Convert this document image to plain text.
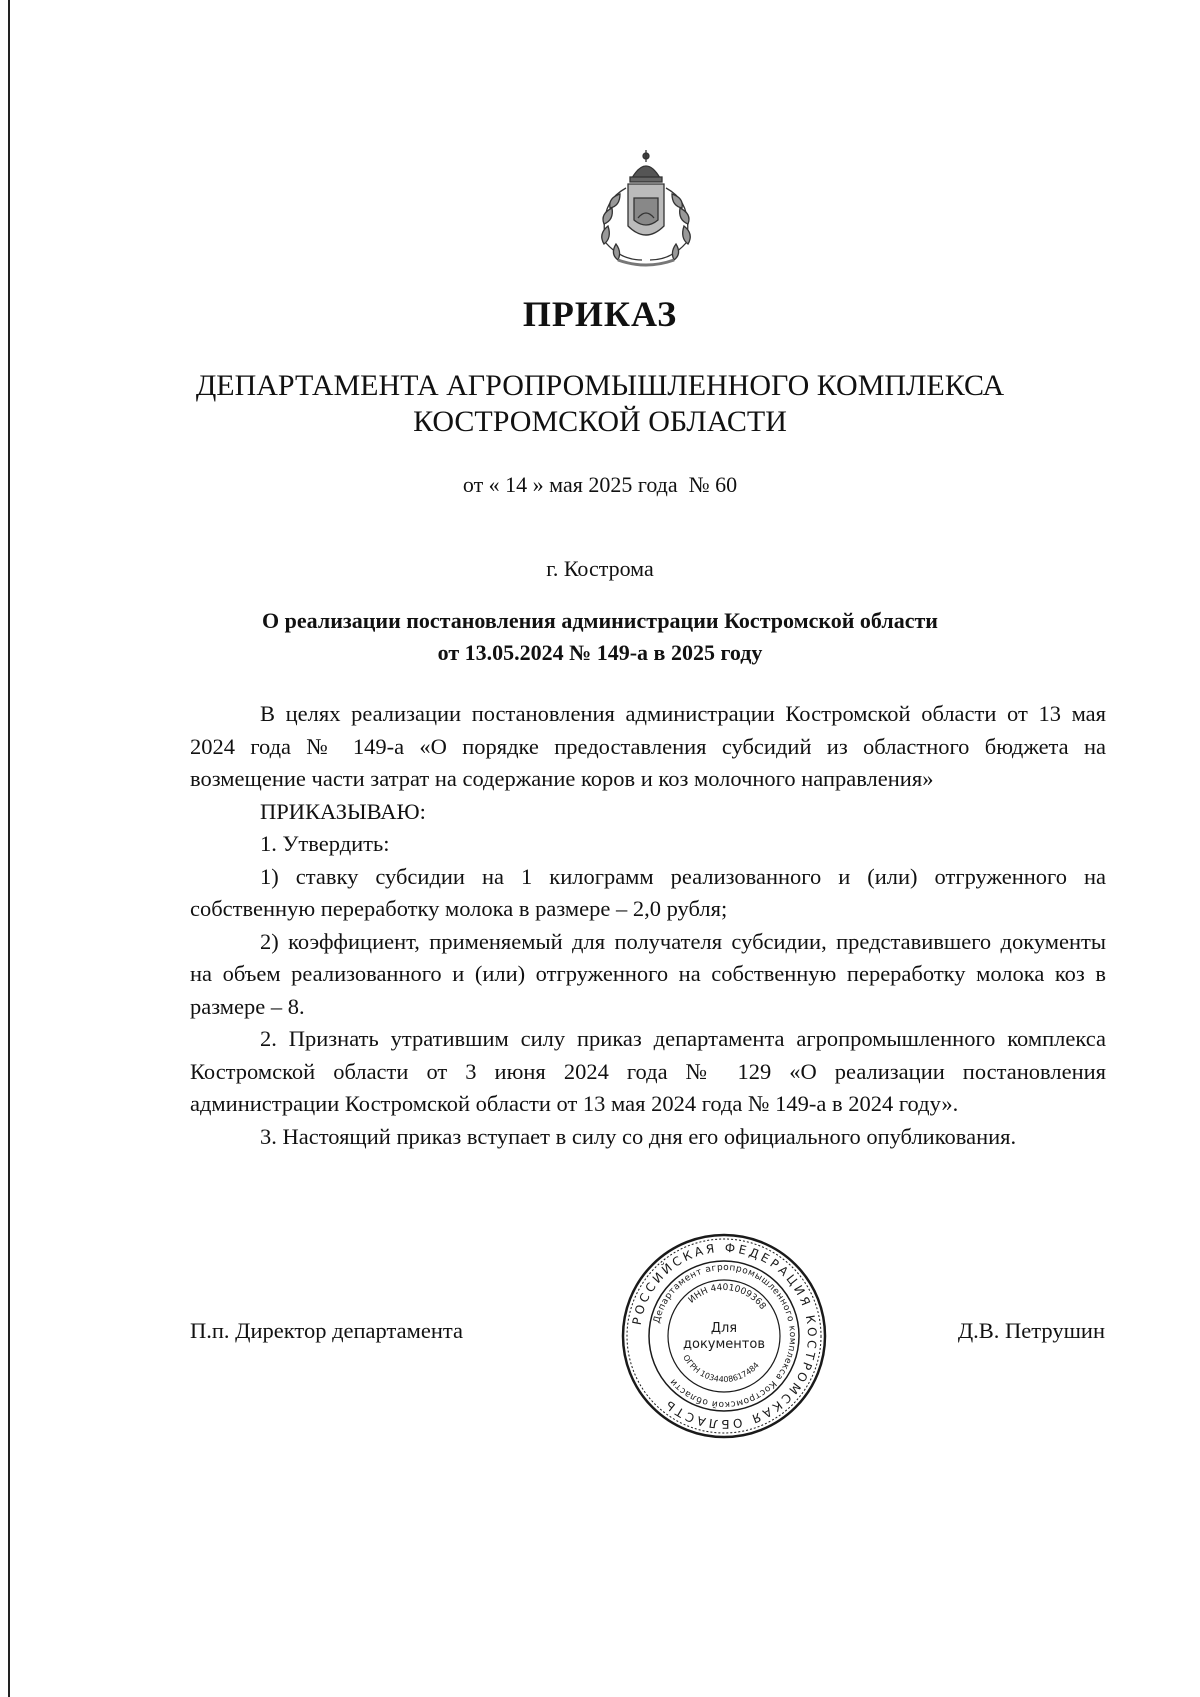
ПРИКАЗ
ДЕПАРТАМЕНТА АГРОПРОМЫШЛЕННОГО КОМПЛЕКСА
КОСТРОМСКОЙ ОБЛАСТИ
от « 14 » мая 2025 года  № 60
г. Кострома
О реализации постановления администрации Костромской области
от 13.05.2024 № 149-а в 2025 году

В целях реализации постановления администрации Костромской области от 13 мая 2024 года № 149-а «О порядке предоставления субсидий из областного бюджета на возмещение части затрат на содержание коров и коз молочного направления»

ПРИКАЗЫВАЮ:

1. Утвердить:

1) ставку субсидии на 1 килограмм реализованного и (или) отгруженного на собственную переработку молока в размере – 2,0 рубля;

2) коэффициент, применяемый для получателя субсидии, представившего документы на объем реализованного и (или) отгруженного на собственную переработку молока коз в размере – 8.

2. Признать утратившим силу приказ департамента агропромышленного комплекса Костромской области от 3 июня 2024 года № 129 «О реализации постановления администрации Костромской области от 13 мая 2024 года № 149-а в 2024 году».

3. Настоящий приказ вступает в силу со дня его официального опубликования.

П.п. Директор департамента	Д.В. Петрушин
РОССИЙСКАЯ ФЕДЕРАЦИЯ КОСТРОМСКАЯ ОБЛАСТЬ
Департамент агропромышленного комплекса Костромской области
ИНН 4401009368
ОГРН 1034408617484
Для
документов
